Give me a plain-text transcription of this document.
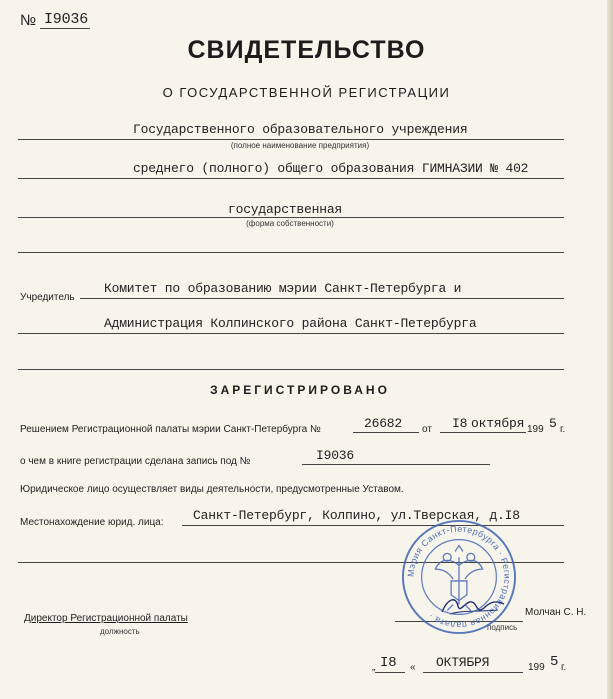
№ I9036
СВИДЕТЕЛЬСТВО
О ГОСУДАРСТВЕННОЙ РЕГИСТРАЦИИ
Государственного образовательного учреждения
(полное наименование предприятия)
среднего (полного) общего образования ГИМНАЗИИ № 402
государственная
(форма собственности)
Учредитель
Комитет по образованию мэрии Санкт-Петербурга и
Администрация Колпинского района Санкт-Петербурга
ЗАРЕГИСТРИРОВАНО
Решением Регистрационной палаты мэрии Санкт-Петербурга №	26682 от I8 октября 199 5 г.
о чем в книге регистрации сделана запись под №	I9036
Юридическое лицо осуществляет виды деятельности, предусмотренные Уставом.
Местонахождение юрид. лица: Санкт-Петербург, Колпино, ул.Тверская, д.I8
Директор Регистрационной палаты
должность
Молчан С. Н.
подпись
Мэрия Санкт-Петербурга · Регистрационная палата ·
„ I8 « ОКТЯБРЯ	199 5 г.
